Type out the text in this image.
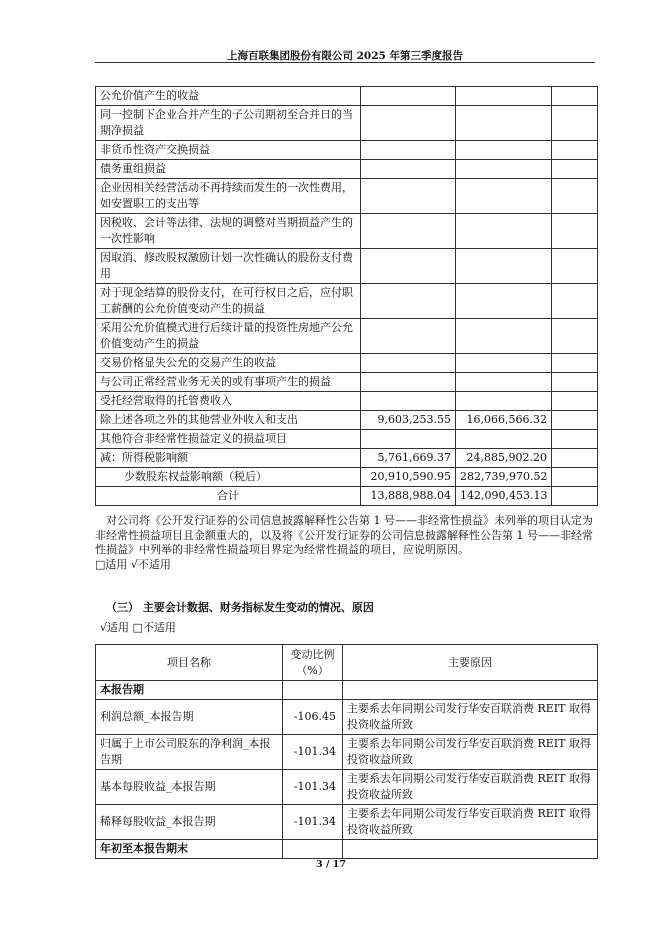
上海百联集团股份有限公司 2025 年第三季度报告
公允价值产生的收益			
同一控制下企业合并产生的子公司期初至合并日的当期净损益			
非货币性资产交换损益			
债务重组损益			
企业因相关经营活动不再持续而发生的一次性费用，如安置职工的支出等			
因税收、会计等法律、法规的调整对当期损益产生的一次性影响			
因取消、修改股权激励计划一次性确认的股份支付费用			
对于现金结算的股份支付，在可行权日之后，应付职工薪酬的公允价值变动产生的损益			
采用公允价值模式进行后续计量的投资性房地产公允价值变动产生的损益			
交易价格显失公允的交易产生的收益			
与公司正常经营业务无关的或有事项产生的损益			
受托经营取得的托管费收入			
除上述各项之外的其他营业外收入和支出	9,603,253.55	16,066,566.32	
其他符合非经常性损益定义的损益项目			
减：所得税影响额	5,761,669.37	24,885,902.20	
少数股东权益影响额（税后）	20,910,590.95	282,739,970.52	
合计	13,888,988.04	142,090,453.13	

对公司将《公开发行证券的公司信息披露解释性公告第 1 号——非经常性损益》未列举的项目认定为非经常性损益项目且金额重大的，以及将《公开发行证券的公司信息披露解释性公告第 1 号——非经常性损益》中列举的非经常性损益项目界定为经常性损益的项目，应说明原因。

□适用 √不适用

（三） 主要会计数据、财务指标发生变动的情况、原因
√适用 □不适用
项目名称	变动比例（%）	主要原因
本报告期		
利润总额_本报告期	-106.45	主要系去年同期公司发行华安百联消费 REIT 取得投资收益所致
归属于上市公司股东的净利润_本报告期	-101.34	主要系去年同期公司发行华安百联消费 REIT 取得投资收益所致
基本每股收益_本报告期	-101.34	主要系去年同期公司发行华安百联消费 REIT 取得投资收益所致
稀释每股收益_本报告期	-101.34	主要系去年同期公司发行华安百联消费 REIT 取得投资收益所致
年初至本报告期末		
3 / 17
